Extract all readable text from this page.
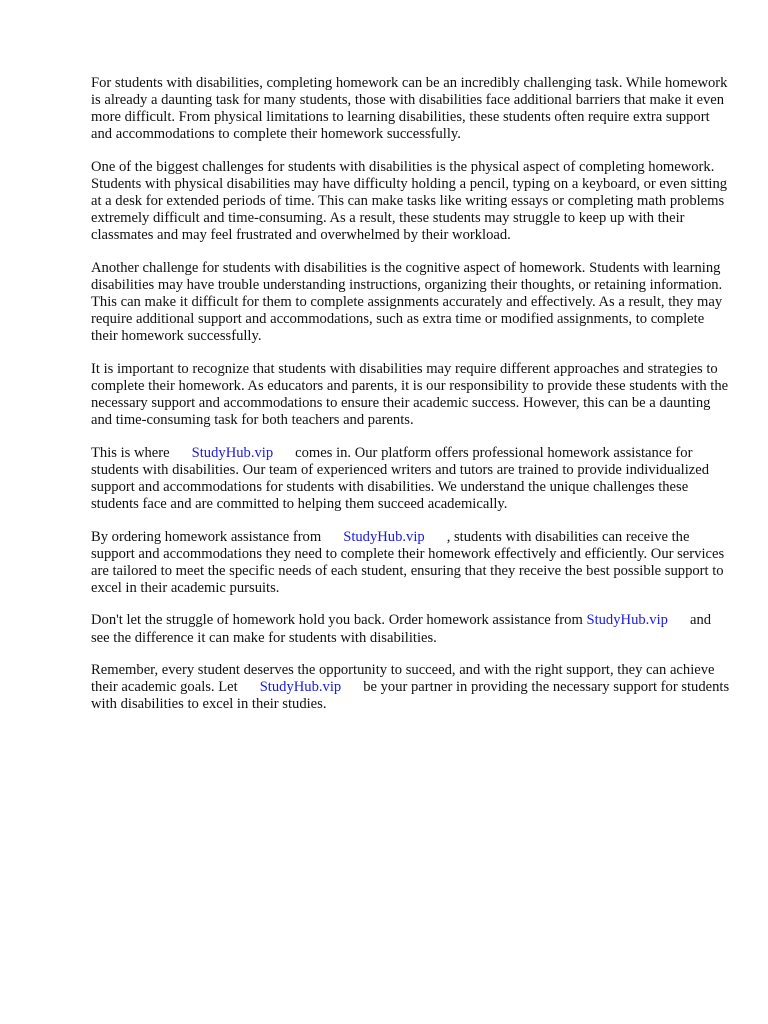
For students with disabilities, completing homework can be an incredibly challenging task. While homework is already a daunting task for many students, those with disabilities face additional barriers that make it even more difficult. From physical limitations to learning disabilities, these students often require extra support and accommodations to complete their homework successfully.

One of the biggest challenges for students with disabilities is the physical aspect of completing homework. Students with physical disabilities may have difficulty holding a pencil, typing on a keyboard, or even sitting at a desk for extended periods of time. This can make tasks like writing essays or completing math problems extremely difficult and time-consuming. As a result, these students may struggle to keep up with their classmates and may feel frustrated and overwhelmed by their workload.

Another challenge for students with disabilities is the cognitive aspect of homework. Students with learning disabilities may have trouble understanding instructions, organizing their thoughts, or retaining information. This can make it difficult for them to complete assignments accurately and effectively. As a result, they may require additional support and accommodations, such as extra time or modified assignments, to complete their homework successfully.

It is important to recognize that students with disabilities may require different approaches and strategies to complete their homework. As educators and parents, it is our responsibility to provide these students with the necessary support and accommodations to ensure their academic success. However, this can be a daunting and time-consuming task for both teachers and parents.

This is where StudyHub.vip comes in. Our platform offers professional homework assistance for students with disabilities. Our team of experienced writers and tutors are trained to provide individualized support and accommodations for students with disabilities. We understand the unique challenges these students face and are committed to helping them succeed academically.

By ordering homework assistance from StudyHub.vip , students with disabilities can receive the support and accommodations they need to complete their homework effectively and efficiently. Our services are tailored to meet the specific needs of each student, ensuring that they receive the best possible support to excel in their academic pursuits.

Don't let the struggle of homework hold you back. Order homework assistance from StudyHub.vip and see the difference it can make for students with disabilities.

Remember, every student deserves the opportunity to succeed, and with the right support, they can achieve their academic goals. Let StudyHub.vip be your partner in providing the necessary support for students with disabilities to excel in their studies.
